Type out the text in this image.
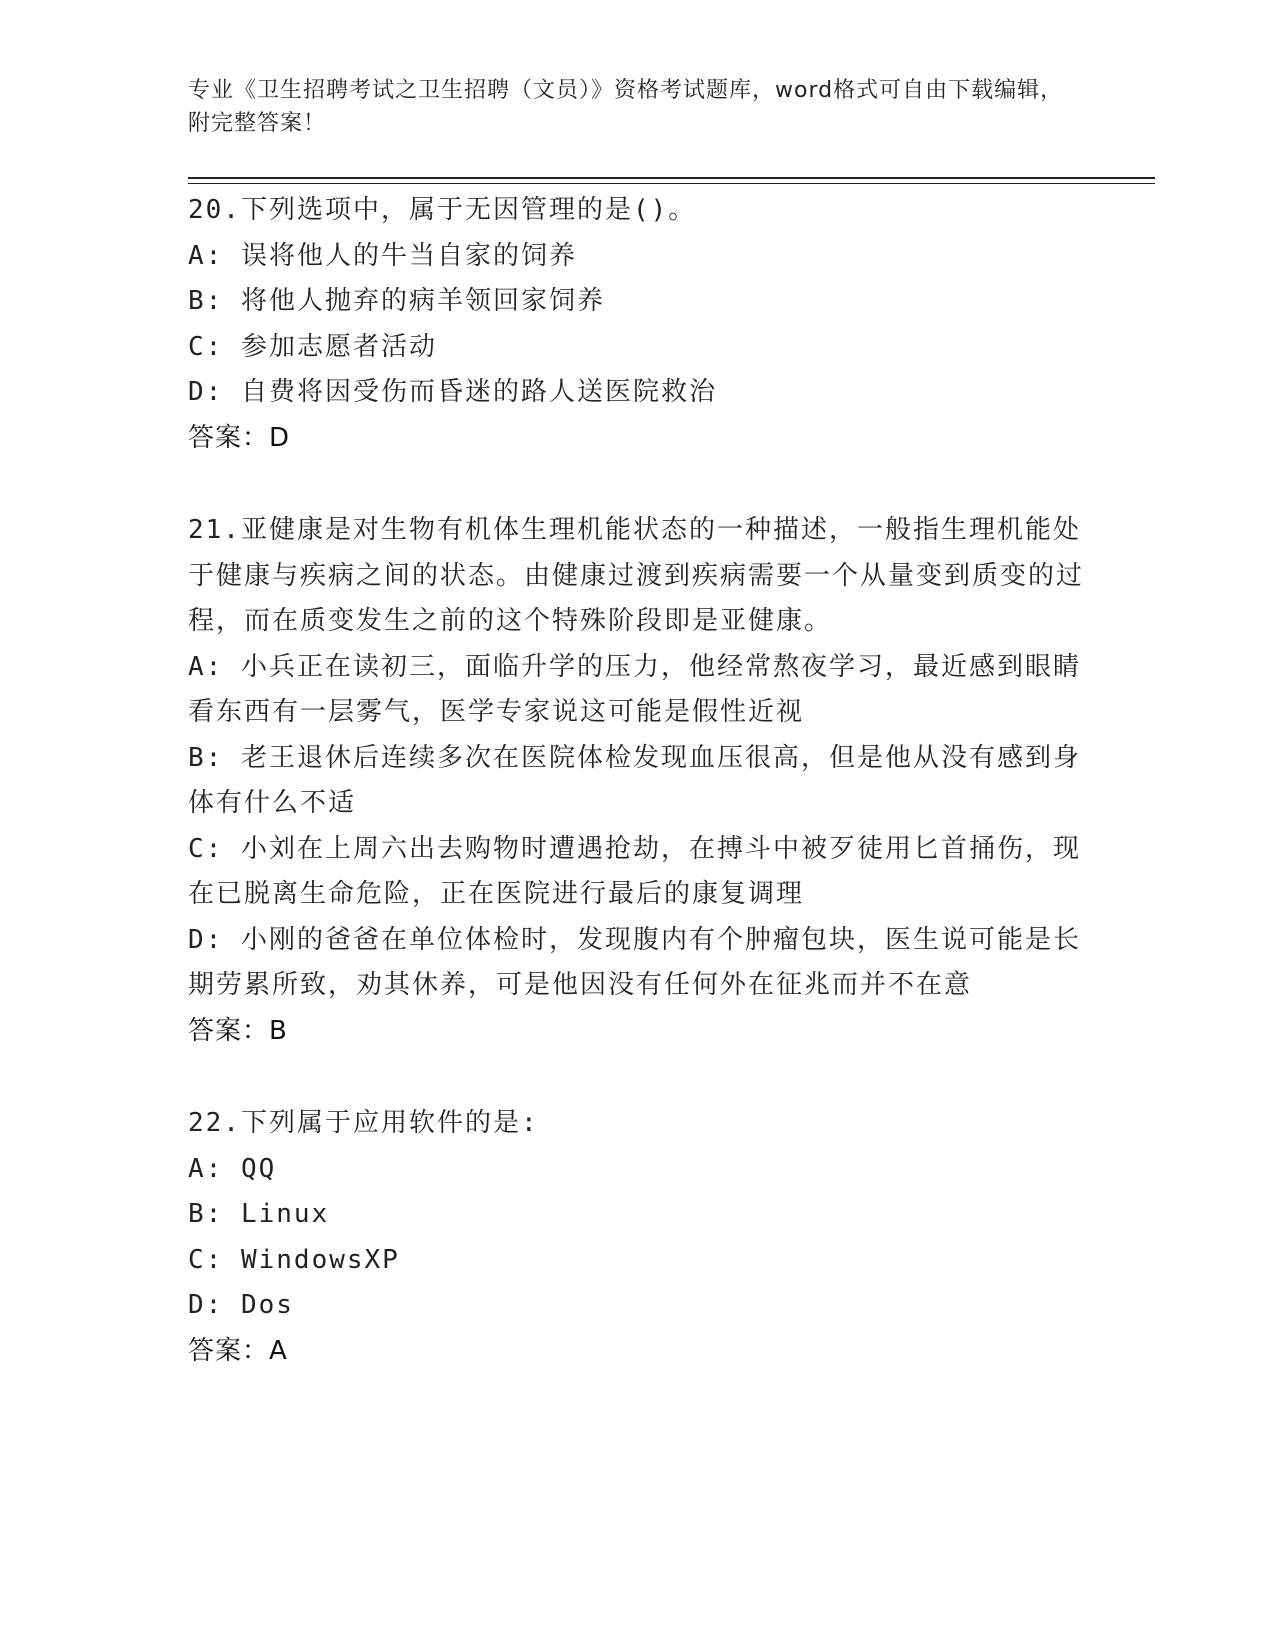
专业《卫生招聘考试之卫生招聘（文员）》资格考试题库，word格式可自由下载编辑，附完整答案！
20.下列选项中，属于无因管理的是()。
A: 误将他人的牛当自家的饲养
B: 将他人抛弃的病羊领回家饲养
C: 参加志愿者活动
D: 自费将因受伤而昏迷的路人送医院救治
答案：D
21.亚健康是对生物有机体生理机能状态的一种描述，一般指生理机能处于健康与疾病之间的状态。由健康过渡到疾病需要一个从量变到质变的过程，而在质变发生之前的这个特殊阶段即是亚健康。
A: 小兵正在读初三，面临升学的压力，他经常熬夜学习，最近感到眼睛看东西有一层雾气，医学专家说这可能是假性近视
B: 老王退休后连续多次在医院体检发现血压很高，但是他从没有感到身体有什么不适
C: 小刘在上周六出去购物时遭遇抢劫，在搏斗中被歹徒用匕首捅伤，现在已脱离生命危险，正在医院进行最后的康复调理
D: 小刚的爸爸在单位体检时，发现腹内有个肿瘤包块，医生说可能是长期劳累所致，劝其休养，可是他因没有任何外在征兆而并不在意
答案：B
22.下列属于应用软件的是:
A: QQ
B: Linux
C: WindowsXP
D: Dos
答案：A
